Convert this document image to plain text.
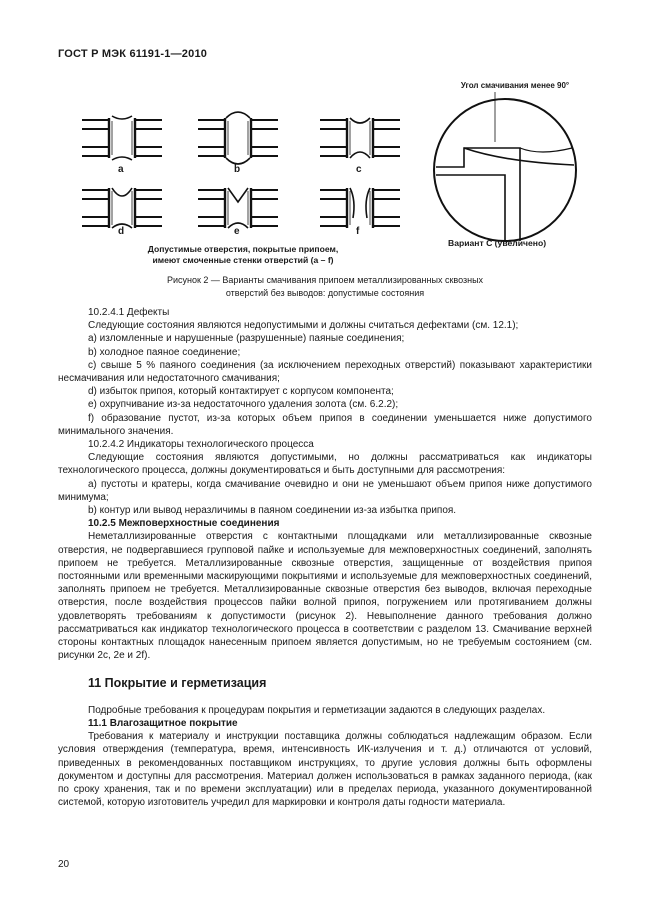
ГОСТ Р МЭК 61191-1—2010
a	b	c
d	e	f
Угол смачивания менее 90°
Вариант С (увеличено)
Допустимые отверстия, покрытые припоем,
имеют смоченные стенки отверстий (a – f)
Рисунок 2 — Варианты смачивания припоем металлизированных сквозных
отверстий без выводов: допустимые состояния

10.2.4.1 Дефекты

Следующие состояния являются недопустимыми и должны считаться дефектами (см. 12.1);

а) изломленные и нарушенные (разрушенные) паяные соединения;

b) холодное паяное соединение;

с) свыше 5 % паяного соединения (за исключением переходных отверстий) показывают характеристики несмачивания или недостаточного смачивания;

d) избыток припоя, который контактирует с корпусом компонента;

е) охрупчивание из-за недостаточного удаления золота (см. 6.2.2);

f) образование пустот, из-за которых объем припоя в соединении уменьшается ниже допустимого минимального значения.

10.2.4.2 Индикаторы технологического процесса

Следующие состояния являются допустимыми, но должны рассматриваться как индикаторы технологического процесса, должны документироваться и быть доступными для рассмотрения:

а) пустоты и кратеры, когда смачивание очевидно и они не уменьшают объем припоя ниже допустимого минимума;

b) контур или вывод неразличимы в паяном соединении из-за избытка припоя.

10.2.5 Межповерхностные соединения

Неметаллизированные отверстия с контактными площадками или металлизированные сквозные отверстия, не подвергавшиеся групповой пайке и используемые для межповерхностных соединений, заполнять припоем не требуется. Металлизированные сквозные отверстия, защищенные от воздействия припоя постоянными или временными маскирующими покрытиями и используемые для межповерхностных соединений, заполнять припоем не требуется. Металлизированные сквозные отверстия без выводов, включая переходные отверстия, после воздействия процессов пайки волной припоя, погружением или протягиванием должны удовлетворять требованиям к допустимости (рисунок 2). Невыполнение данного требования должно рассматриваться как индикатор технологического процесса в соответствии с разделом 13. Смачивание верхней стороны контактных площадок нанесенным припоем является допустимым, но не требуемым состоянием (см. рисунки 2c, 2e и 2f).

11 Покрытие и герметизация

Подробные требования к процедурам покрытия и герметизации задаются в следующих разделах.

11.1 Влагозащитное покрытие

Требования к материалу и инструкции поставщика должны соблюдаться надлежащим образом. Если условия отверждения (температура, время, интенсивность ИК-излучения и т. д.) отличаются от условий, приведенных в рекомендованных поставщиком инструкциях, то другие условия должны быть оформлены документом и доступны для рассмотрения. Материал должен использоваться в рамках заданного периода, (как по сроку хранения, так и по времени эксплуатации) или в пределах периода, указанного документированной системой, которую изготовитель учредил для маркировки и контроля даты годности материала.

20
